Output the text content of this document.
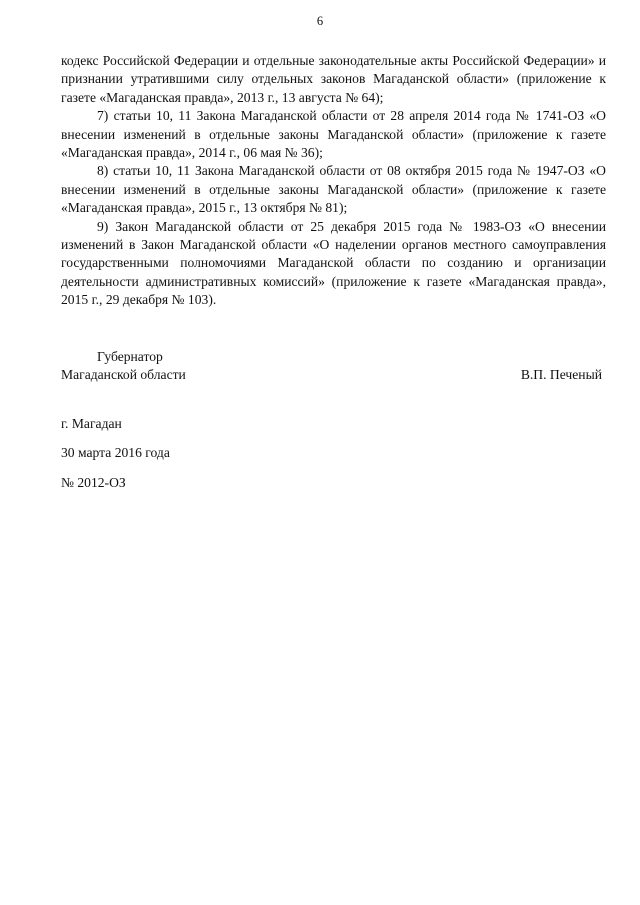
6

кодекс Российской Федерации и отдельные законодательные акты Российской Федерации» и признании утратившими силу отдельных законов Магаданской области» (приложение к газете «Магаданская правда», 2013 г., 13 августа № 64);

7) статьи 10, 11 Закона Магаданской области от 28 апреля 2014 года № 1741-ОЗ «О внесении изменений в отдельные законы Магаданской области» (приложение к газете «Магаданская правда», 2014 г., 06 мая № 36);

8) статьи 10, 11 Закона Магаданской области от 08 октября 2015 года № 1947-ОЗ «О внесении изменений в отдельные законы Магаданской области» (приложение к газете «Магаданская правда», 2015 г., 13 октября № 81);

9) Закон Магаданской области от 25 декабря 2015 года № 1983-ОЗ «О внесении изменений в Закон Магаданской области «О наделении органов местного самоуправления государственными полномочиями Магаданской области по созданию и организации деятельности административных комиссий» (приложение к газете «Магаданская правда», 2015 г., 29 декабря № 103).

Губернатор
Магаданской области	В.П. Печеный
г. Магадан
30 марта 2016 года
№ 2012-ОЗ
